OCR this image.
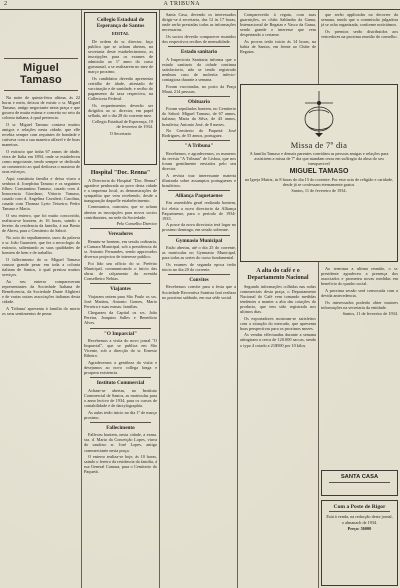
2	A TRIBUNA
Miguel Tamaso

Na noite de quinta-feira ultima, ás 22 horas e meia, deixou de existir o sr. Miguel Tamaso, antigo negociante nesta praça e que gosava de muita estima e conceito no seio da colonia italiana, á qual pertencia.

O sr. Miguel Tamaso contava muitos amigos e relações nesta cidade, que elle recebia sempre com requintes de bondade e cativava com a sua maneira affavel e de boas maneiras.

O extincto que tinha 67 annos de idade, viera de Italia em 1894, onde se estabeleceu como negociante, tendo sempre se dedicado ao commercio ao qual dedicava o maximo de seus esforços.

Aqui constituiu familia e deixa viuva a senhora d. Josephina Tamaso e os seguintes filhos: Constantino Tamaso, casado com d. Innocencia Giordano; Vittorio Tamaso, casado com d. Angelina Cavalieri; Carolina, casada com Thomaz Lyrio Teixeira; Pedro Tamaso e Maria.

O seu enterro, que foi muito concorrido, realizou-se hontem, ás 16 horas, saindo o feretro da residencia da familia, á rua Bento de Abreu, para o Cemiterio do Saboó.

No acto do sepultamento, usou da palavra o sr. João Guarnieri, que fez o necrologio do extincto, salientando as suas qualidades de homem de bem e de trabalho.

O fallecimento do sr. Miguel Tamaso causou grande pesar em toda a colonia italiana de Santos, á qual prestou muitos serviços.

Ao seu enterro compareceram representantes da Sociedade Italiana de Beneficencia, da Sociedade Dante Alighieri e de varias outras associações italianas desta cidade.

A 'Tribuna' apresenta á familia do morto os seus sentimentos de pezar.

Collegio Estadual de Esperança de Santos
EDITAL

De ordem do sr. director, faço publico que se acham abertas, na secretaria deste estabelecimento, as inscripções para os exames de admissão ao 1º anno do curso gymnasial, a se realizarem no mez de março proximo.

Os candidatos deverão apresentar certidão de idade, attestado de vaccinação e de sanidade, e recibo do pagamento da taxa respectiva, na Collectoria Federal.

Os requerimentos deverão ser dirigidos ao sr. director, em papel sellado, até o dia 28 do corrente mez.

Collegio Estadual de Esperança, 10 de fevereiro de 1934.

O Secretario

Hospital "Doc. Renna"

A Directoria do Hospital "Doc. Renna" agradece penhorada ao povo desta cidade e a imprensa local, as demonstrações de sympathia que vem recebendo, desde a inauguração daquelle estabelecimento.

Communica, outrosim, que se acham abertas as inscripções para novos socios contribuintes, na sede da Sociedade.

Pelo Conselho Director

Vereadores

Reuniu-se hontem, em sessão ordinaria, a Camara Municipal, sob a presidencia do sr. Antonio Fernandes, sendo approvados diversos projectos de interesse publico.

Foi lido um officio do sr. Prefeito Municipal, communicando o inicio das obras de calçamento da avenida Conselheiro Nebias.

Viajantes

Viajaram ontem para São Paulo os srs. José Martins, Antonio Gomes, Mario Ferreira e suas exmas. familias.

Chegaram da Capital os srs. João Pereira, Joaquim Salles e Benedicto Alves.

"O Imparcial"

Recebemos a visita do novo jornal "O Imparcial", que se publica em São Vicente, sob a direcção do sr. Ernesto Ribeiro.

Agradecemos a gentileza da visita e desejamos ao novo collega longa e prospera existencia.

Instituto Commercial

Acham-se abertas, no Instituto Commercial de Santos, as matriculas para o anno lectivo de 1934, para os cursos de contabilidade e de dactylographia.

As aulas terão inicio no dia 1º de março proximo.

Fallecimento

Falleceu hontem, nesta cidade, a exma. sra. d. Maria da Conceição Lopes, viuva do saudoso sr. José Lopes, antigo commerciante nesta praça.

O enterro realiza-se hoje, ás 10 horas, saindo o feretro da residencia da familia, á rua General Camara, para o Cemiterio do Paquetá.

Santa Casa, devendo os interessados dirigir-se á secretaria, das 12 ás 17 horas, onde serão prestadas todas as informações necessarias.

Os socios deverão comparecer munidos dos respectivos recibos de mensalidade.

Estado sanitario

A Inspectoria Sanitaria informa que o estado sanitario da cidade continua satisfactorio, não se tendo registrado nenhum caso de molestia infecto-contagiosa durante a semana.

Foram vaccinadas, no posto da Praça Mauá, 214 pessoas.

Obituario

Foram sepultados hontem, no Cemiterio do Saboó: Miguel Tamaso, de 67 annos, italiano; Maria da Silva, de 43 annos, brasileira; Antonio José, de 8 mezes.

No Cemiterio do Paquetá: José Rodrigues, de 55 annos, portuguez.

"A Tribuna"

Recebemos, e agradecemos, os numeros da revista "A Tribuna" de Lisboa, que nos foram gentilmente enviados pelo seu director.

A revista traz interessante materia illustrada sobre assumptos portuguezes e brasileiros.

Alliança Paquetaense

Em assembléa geral realizada hontem, foi eleita a nova directoria da Alliança Paquetaense, para o periodo de 1934-1935.

A posse da nova directoria terá logar no proximo domingo, em sessão solemne.

Gymnasio Municipal

Estão abertas, até o dia 25 do corrente, as matriculas no Gymnasio Municipal, para todas as series do curso fundamental.

Os exames de segunda epoca terão inicio no dia 20 do corrente.

Convites

Recebemos convite para a festa que a Sociedade Recreativa Santista fará realizar no proximo sabbado, em sua séde social.

Comparecerão á regata, com suas guarnições, os clubs Saldanha da Gama, Internacional de Regatas e Vasco da Gama, sendo grande o interesse que vem despertando o certame.

As provas terão inicio ás 14 horas, na bahia de Santos, em frente ao Clube de Regatas.

Missa de 7º dia

A familia Tamaso e demais parentes convidam as pessoas amigas e relações para assistirem a missa de 7º dia que mandam rezar em suffragio da alma do seu inesquecivel

MIGUEL TAMASO

na Igreja Matriz, ás 8 horas do dia 15 do corrente. Por esse acto de religião e caridade, desde já se confessam eternamente gratos.

Santos, 11 de fevereiro de 1934.

A alta do café e o Departamento Nacional

Segundo informações colhidas nas rodas commerciais desta praça, o Departamento Nacional do Café vem tomando medidas tendentes a manter a alta das cotações do producto, que tem sido registrada nos ultimos dias.

Os exportadores mostram-se satisfeitos com a situação do mercado, que apresenta boas perspectivas para os proximos mezes.

As vendas effectuadas durante a semana attingiram a cerca de 120.000 saccas, sendo o typo 4 cotado a 21$500 por 10 kilos.

que serão applicadas no decorrer da semana, sendo que a commissão julgadora já se acha organizada, conforme noticiámos.

Os premios serão distribuidos aos vencedores na proxima reunião do conselho.

Ao terminar a ultima reunião, o sr. presidente agradeceu a presença dos associados e prometeu novas medidas em beneficio do quadro social.

A proxima sessão será convocada com a devida antecedencia.

Os interessados poderão obter maiores informações na secretaria da entidade.

Santos, 11 de fevereiro de 1934.

SANTA CASA
Com a Poste de Rigor

Está á venda, na redacção deste jornal, o almanach de 1934.

Preço: 5$000
